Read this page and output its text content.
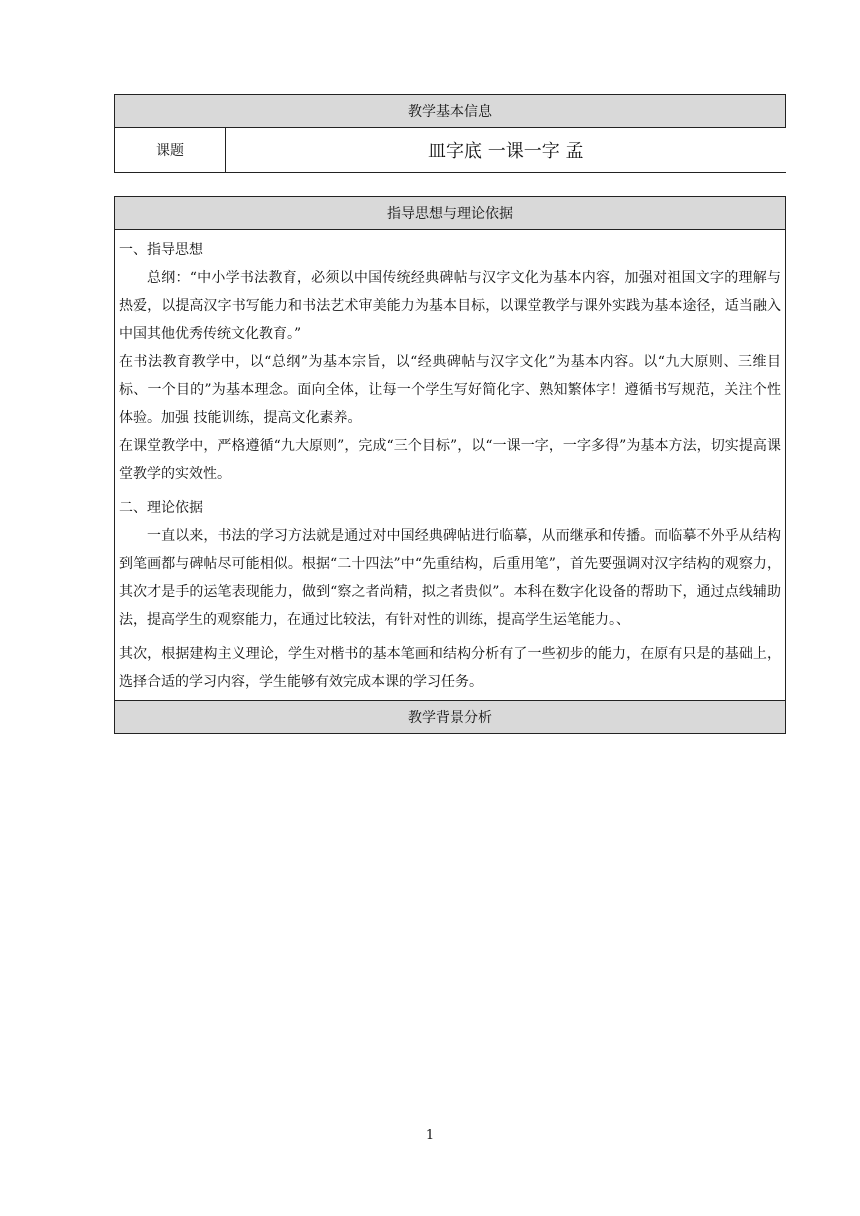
教学基本信息
课题	皿字底 一课一字 孟
指导思想与理论依据

一、指导思想

总纲：“中小学书法教育，必须以中国传统经典碑帖与汉字文化为基本内容，加强对祖国文字的理解与热爱，以提高汉字书写能力和书法艺术审美能力为基本目标，以课堂教学与课外实践为基本途径，适当融入中国其他优秀传统文化教育。”

在书法教育教学中，以“总纲”为基本宗旨，以“经典碑帖与汉字文化”为基本内容。以“九大原则、三维目标、一个目的”为基本理念。面向全体，让每一个学生写好简化字、熟知繁体字！遵循书写规范，关注个性体验。加强 技能训练，提高文化素养。

在课堂教学中，严格遵循“九大原则”，完成“三个目标”，以“一课一字，一字多得”为基本方法，切实提高课堂教学的实效性。

二、理论依据

一直以来，书法的学习方法就是通过对中国经典碑帖进行临摹，从而继承和传播。而临摹不外乎从结构到笔画都与碑帖尽可能相似。根据“二十四法”中“先重结构，后重用笔”，首先要强调对汉字结构的观察力，其次才是手的运笔表现能力，做到“察之者尚精，拟之者贵似”。本科在数字化设备的帮助下，通过点线辅助法，提高学生的观察能力，在通过比较法，有针对性的训练，提高学生运笔能力。、

其次，根据建构主义理论，学生对楷书的基本笔画和结构分析有了一些初步的能力，在原有只是的基础上，选择合适的学习内容，学生能够有效完成本课的学习任务。

教学背景分析
1
